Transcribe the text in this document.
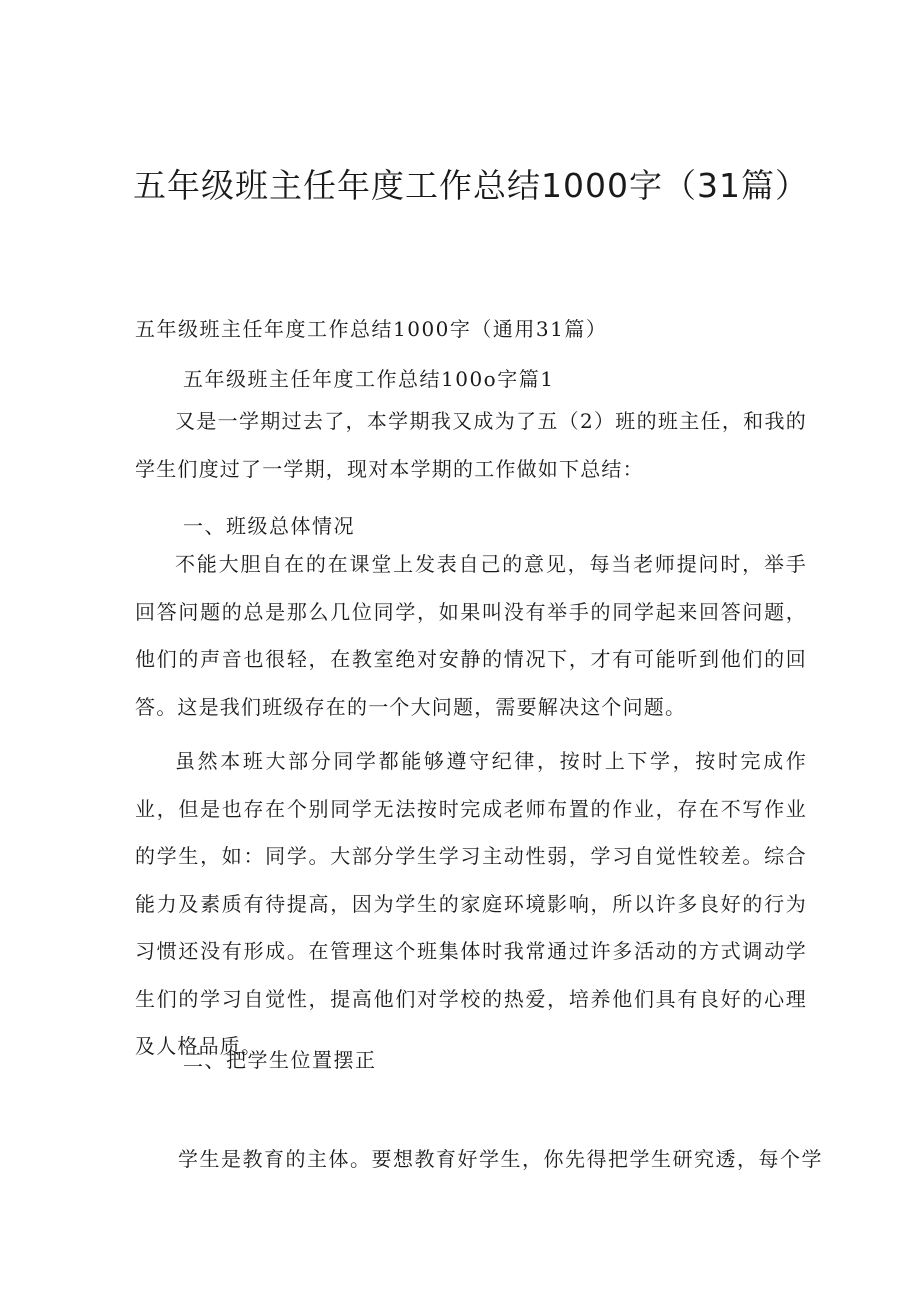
五年级班主任年度工作总结1000字（31篇）

五年级班主任年度工作总结1000字（通用31篇）

五年级班主任年度工作总结100o字篇1

又是一学期过去了，本学期我又成为了五（2）班的班主任，和我的学生们度过了一学期，现对本学期的工作做如下总结：

一、班级总体情况

不能大胆自在的在课堂上发表自己的意见，每当老师提问时，举手回答问题的总是那么几位同学，如果叫没有举手的同学起来回答问题，他们的声音也很轻，在教室绝对安静的情况下，才有可能听到他们的回答。这是我们班级存在的一个大问题，需要解决这个问题。

虽然本班大部分同学都能够遵守纪律，按时上下学，按时完成作业，但是也存在个别同学无法按时完成老师布置的作业，存在不写作业的学生，如：同学。大部分学生学习主动性弱，学习自觉性较差。综合能力及素质有待提高，因为学生的家庭环境影响，所以许多良好的行为习惯还没有形成。在管理这个班集体时我常通过许多活动的方式调动学生们的学习自觉性，提高他们对学校的热爱，培养他们具有良好的心理及人格品质。

二、把学生位置摆正

学生是教育的主体。要想教育好学生，你先得把学生研究透，每个学
